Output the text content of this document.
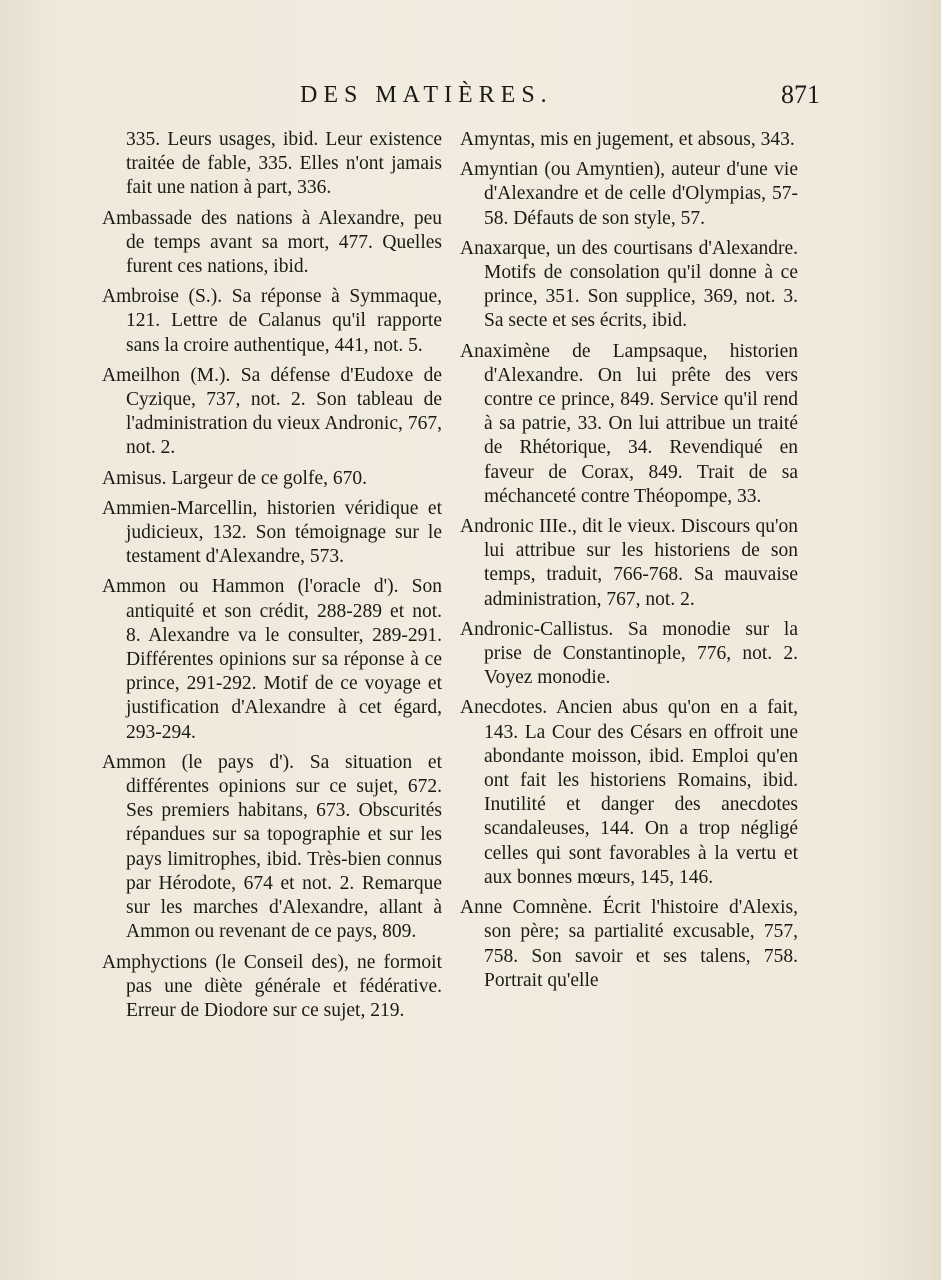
DES MATIÈRES.	871

335. Leurs usages, ibid. Leur existence traitée de fable, 335. Elles n'ont jamais fait une nation à part, 336.

Ambassade des nations à Alexandre, peu de temps avant sa mort, 477. Quelles furent ces nations, ibid.

Ambroise (S.). Sa réponse à Symmaque, 121. Lettre de Calanus qu'il rapporte sans la croire authentique, 441, not. 5.

Ameilhon (M.). Sa défense d'Eudoxe de Cyzique, 737, not. 2. Son tableau de l'administration du vieux Andronic, 767, not. 2.

Amisus. Largeur de ce golfe, 670.

Ammien-Marcellin, historien véridique et judicieux, 132. Son témoignage sur le testament d'Alexandre, 573.

Ammon ou Hammon (l'oracle d'). Son antiquité et son crédit, 288-289 et not. 8. Alexandre va le consulter, 289-291. Différentes opinions sur sa réponse à ce prince, 291-292. Motif de ce voyage et justification d'Alexandre à cet égard, 293-294.

Ammon (le pays d'). Sa situation et différentes opinions sur ce sujet, 672. Ses premiers habitans, 673. Obscurités répandues sur sa topographie et sur les pays limitrophes, ibid. Très-bien connus par Hérodote, 674 et not. 2. Remarque sur les marches d'Alexandre, allant à Ammon ou revenant de ce pays, 809.

Amphyctions (le Conseil des), ne formoit pas une diète générale et fédérative. Erreur de Diodore sur ce sujet, 219.

Amyntas, mis en jugement, et absous, 343.

Amyntian (ou Amyntien), auteur d'une vie d'Alexandre et de celle d'Olympias, 57-58. Défauts de son style, 57.

Anaxarque, un des courtisans d'Alexandre. Motifs de consolation qu'il donne à ce prince, 351. Son supplice, 369, not. 3. Sa secte et ses écrits, ibid.

Anaximène de Lampsaque, historien d'Alexandre. On lui prête des vers contre ce prince, 849. Service qu'il rend à sa patrie, 33. On lui attribue un traité de Rhétorique, 34. Revendiqué en faveur de Corax, 849. Trait de sa méchanceté contre Théopompe, 33.

Andronic IIIe., dit le vieux. Discours qu'on lui attribue sur les historiens de son temps, traduit, 766-768. Sa mauvaise administration, 767, not. 2.

Andronic-Callistus. Sa monodie sur la prise de Constantinople, 776, not. 2. Voyez monodie.

Anecdotes. Ancien abus qu'on en a fait, 143. La Cour des Césars en offroit une abondante moisson, ibid. Emploi qu'en ont fait les historiens Romains, ibid. Inutilité et danger des anecdotes scandaleuses, 144. On a trop négligé celles qui sont favorables à la vertu et aux bonnes mœurs, 145, 146.

Anne Comnène. Écrit l'histoire d'Alexis, son père; sa partialité excusable, 757, 758. Son savoir et ses talens, 758. Portrait qu'elle
